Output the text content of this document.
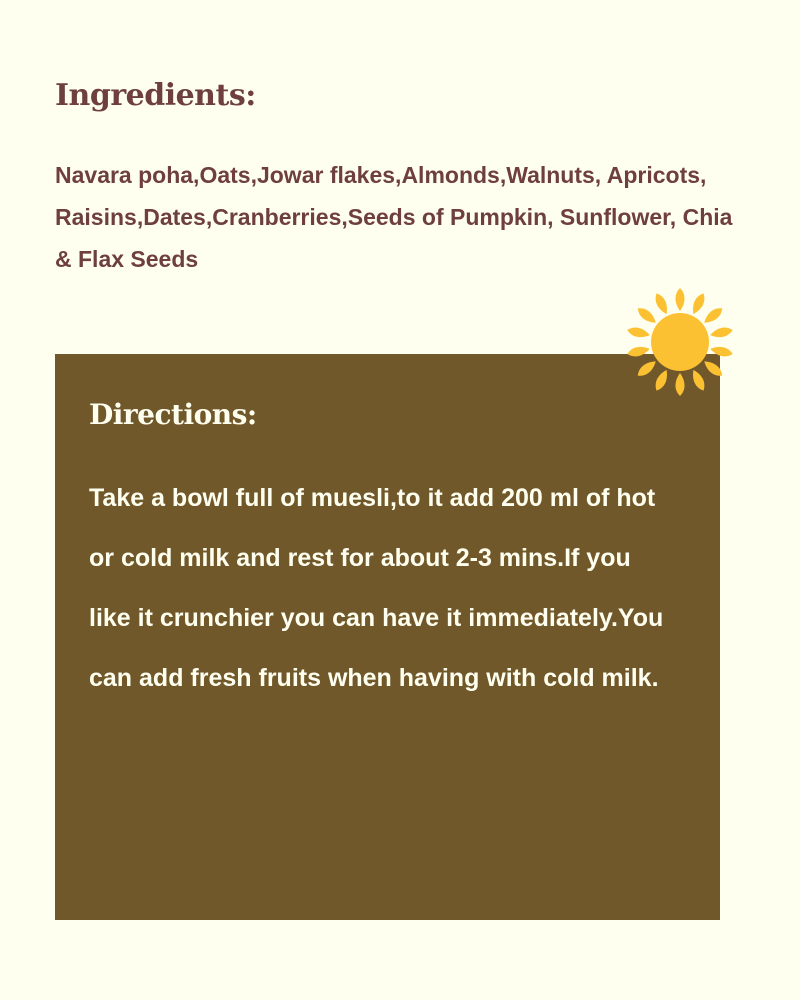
Ingredients:

Navara poha,Oats,Jowar flakes,Almonds,Walnuts, Apricots, Raisins,Dates,Cranberries,Seeds of Pumpkin, Sunflower, Chia & Flax Seeds

Directions:

Take a bowl full of muesli,to it add 200 ml of hot or cold milk and rest for about 2-3 mins.If you like it crunchier you can have it immediately.You can add fresh fruits when having with cold milk.
